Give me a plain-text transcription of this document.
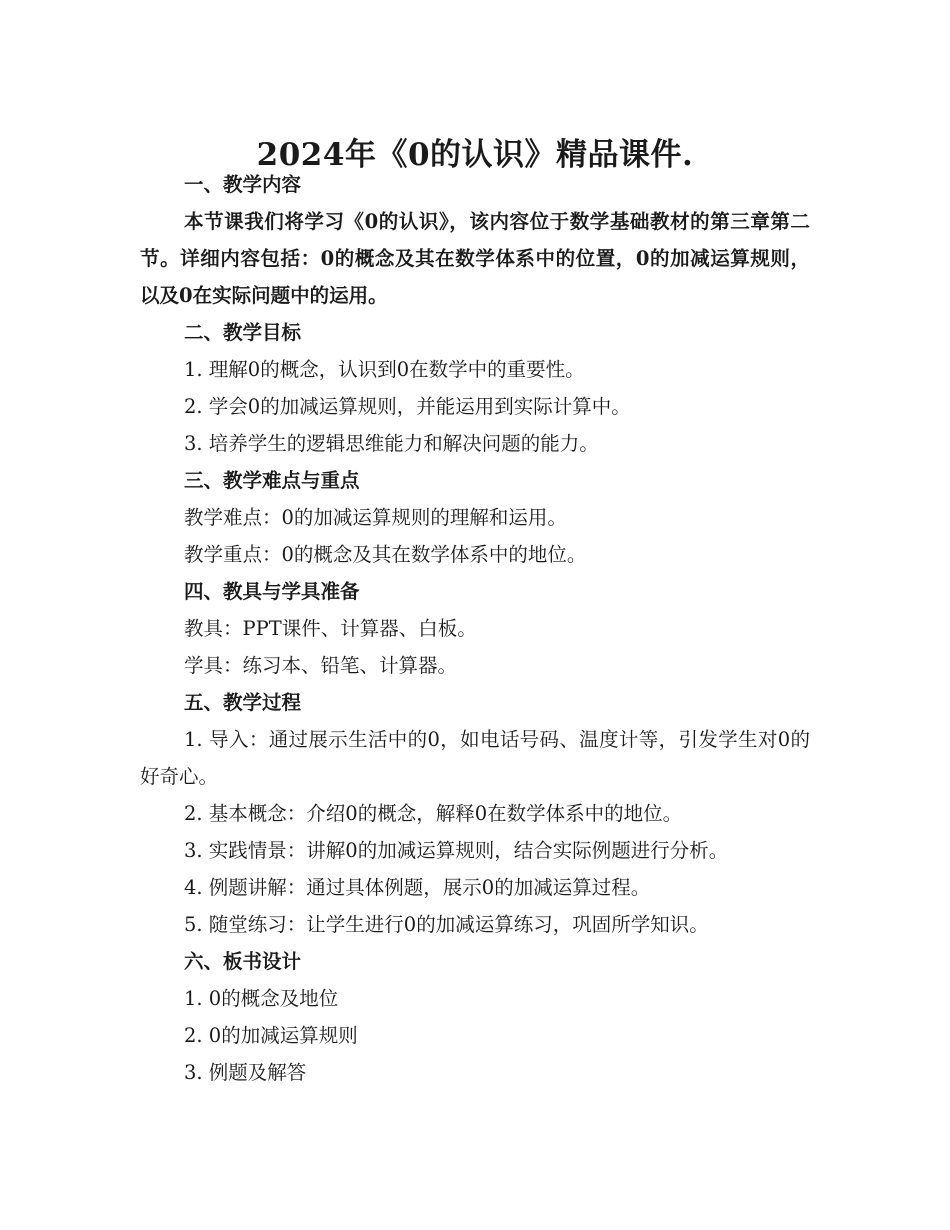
2024年《0的认识》精品课件.

一、教学内容

本节课我们将学习《0的认识》，该内容位于数学基础教材的第三章第二节。详细内容包括：0的概念及其在数学体系中的位置，0的加减运算规则，以及0在实际问题中的运用。

二、教学目标

1. 理解0的概念，认识到0在数学中的重要性。

2. 学会0的加减运算规则，并能运用到实际计算中。

3. 培养学生的逻辑思维能力和解决问题的能力。

三、教学难点与重点

教学难点：0的加减运算规则的理解和运用。

教学重点：0的概念及其在数学体系中的地位。

四、教具与学具准备

教具：PPT课件、计算器、白板。

学具：练习本、铅笔、计算器。

五、教学过程

1. 导入：通过展示生活中的0，如电话号码、温度计等，引发学生对0的好奇心。

2. 基本概念：介绍0的概念，解释0在数学体系中的地位。

3. 实践情景：讲解0的加减运算规则，结合实际例题进行分析。

4. 例题讲解：通过具体例题，展示0的加减运算过程。

5. 随堂练习：让学生进行0的加减运算练习，巩固所学知识。

六、板书设计

1. 0的概念及地位

2. 0的加减运算规则

3. 例题及解答
